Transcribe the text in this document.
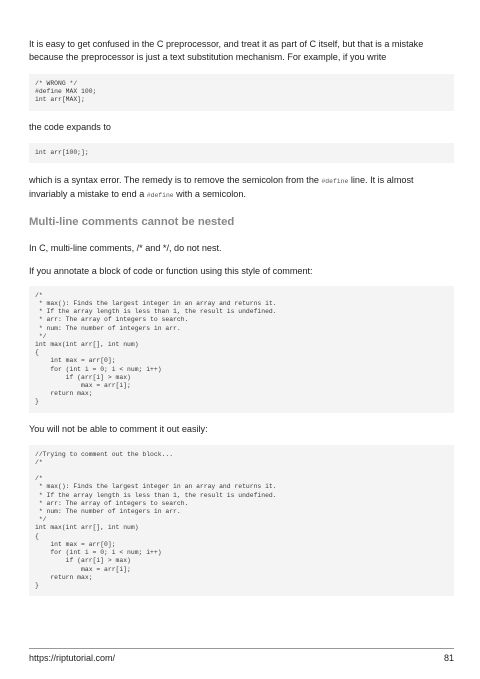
It is easy to get confused in the C preprocessor, and treat it as part of C itself, but that is a mistake because the preprocessor is just a text substitution mechanism. For example, if you write

/* WRONG */
#define MAX 100;
int arr[MAX];

the code expands to

int arr[100;];

which is a syntax error. The remedy is to remove the semicolon from the #define line. It is almost invariably a mistake to end a #define with a semicolon.

Multi-line comments cannot be nested

In C, multi-line comments, /* and */, do not nest.

If you annotate a block of code or function using this style of comment:

/*
* max(): Finds the largest integer in an array and returns it.
* If the array length is less than 1, the result is undefined.
* arr: The array of integers to search.
* num: The number of integers in arr.
*/
int max(int arr[], int num)
{
int max = arr[0];
for (int i = 0; i < num; i++)
if (arr[i] > max)
max = arr[i];
return max;
}

You will not be able to comment it out easily:

//Trying to comment out the block...
/*

/*
* max(): Finds the largest integer in an array and returns it.
* If the array length is less than 1, the result is undefined.
* arr: The array of integers to search.
* num: The number of integers in arr.
*/
int max(int arr[], int num)
{
int max = arr[0];
for (int i = 0; i < num; i++)
if (arr[i] > max)
max = arr[i];
return max;
}
https://riptutorial.com/	81
